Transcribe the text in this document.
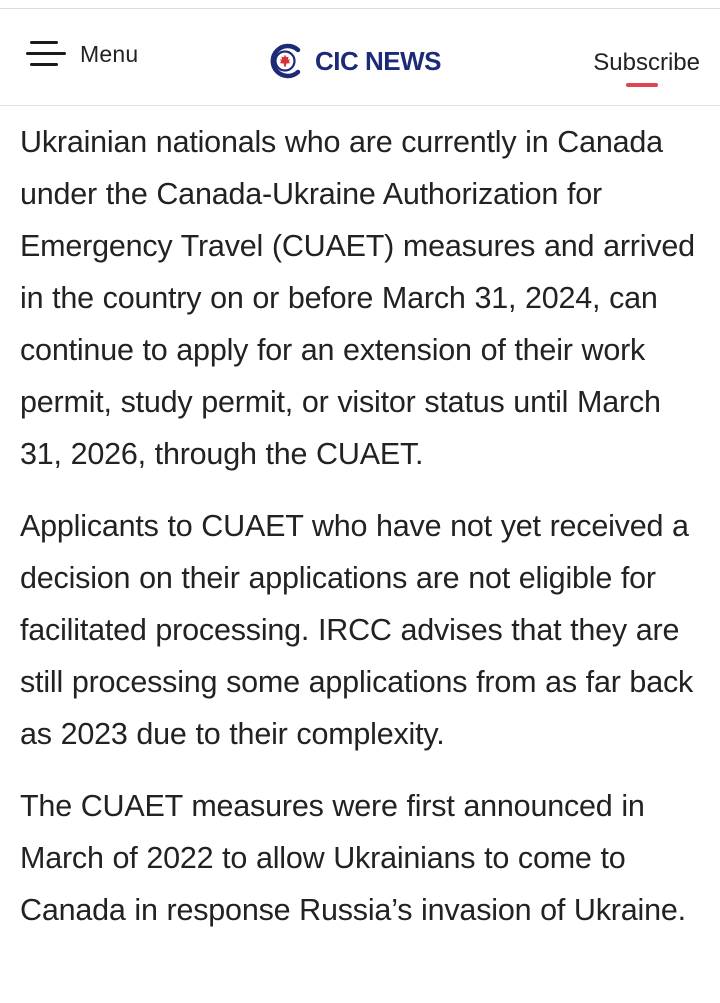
Menu	CIC NEWS	Subscribe

Ukrainian nationals who are currently in Canada under the Canada-Ukraine Authorization for Emergency Travel (CUAET) measures and arrived in the country on or before March 31, 2024, can continue to apply for an extension of their work permit, study permit, or visitor status until March 31, 2026, through the CUAET.

Applicants to CUAET who have not yet received a decision on their applications are not eligible for facilitated processing. IRCC advises that they are still processing some applications from as far back as 2023 due to their complexity.

The CUAET measures were first announced in March of 2022 to allow Ukrainians to come to Canada in response Russia’s invasion of Ukraine.
